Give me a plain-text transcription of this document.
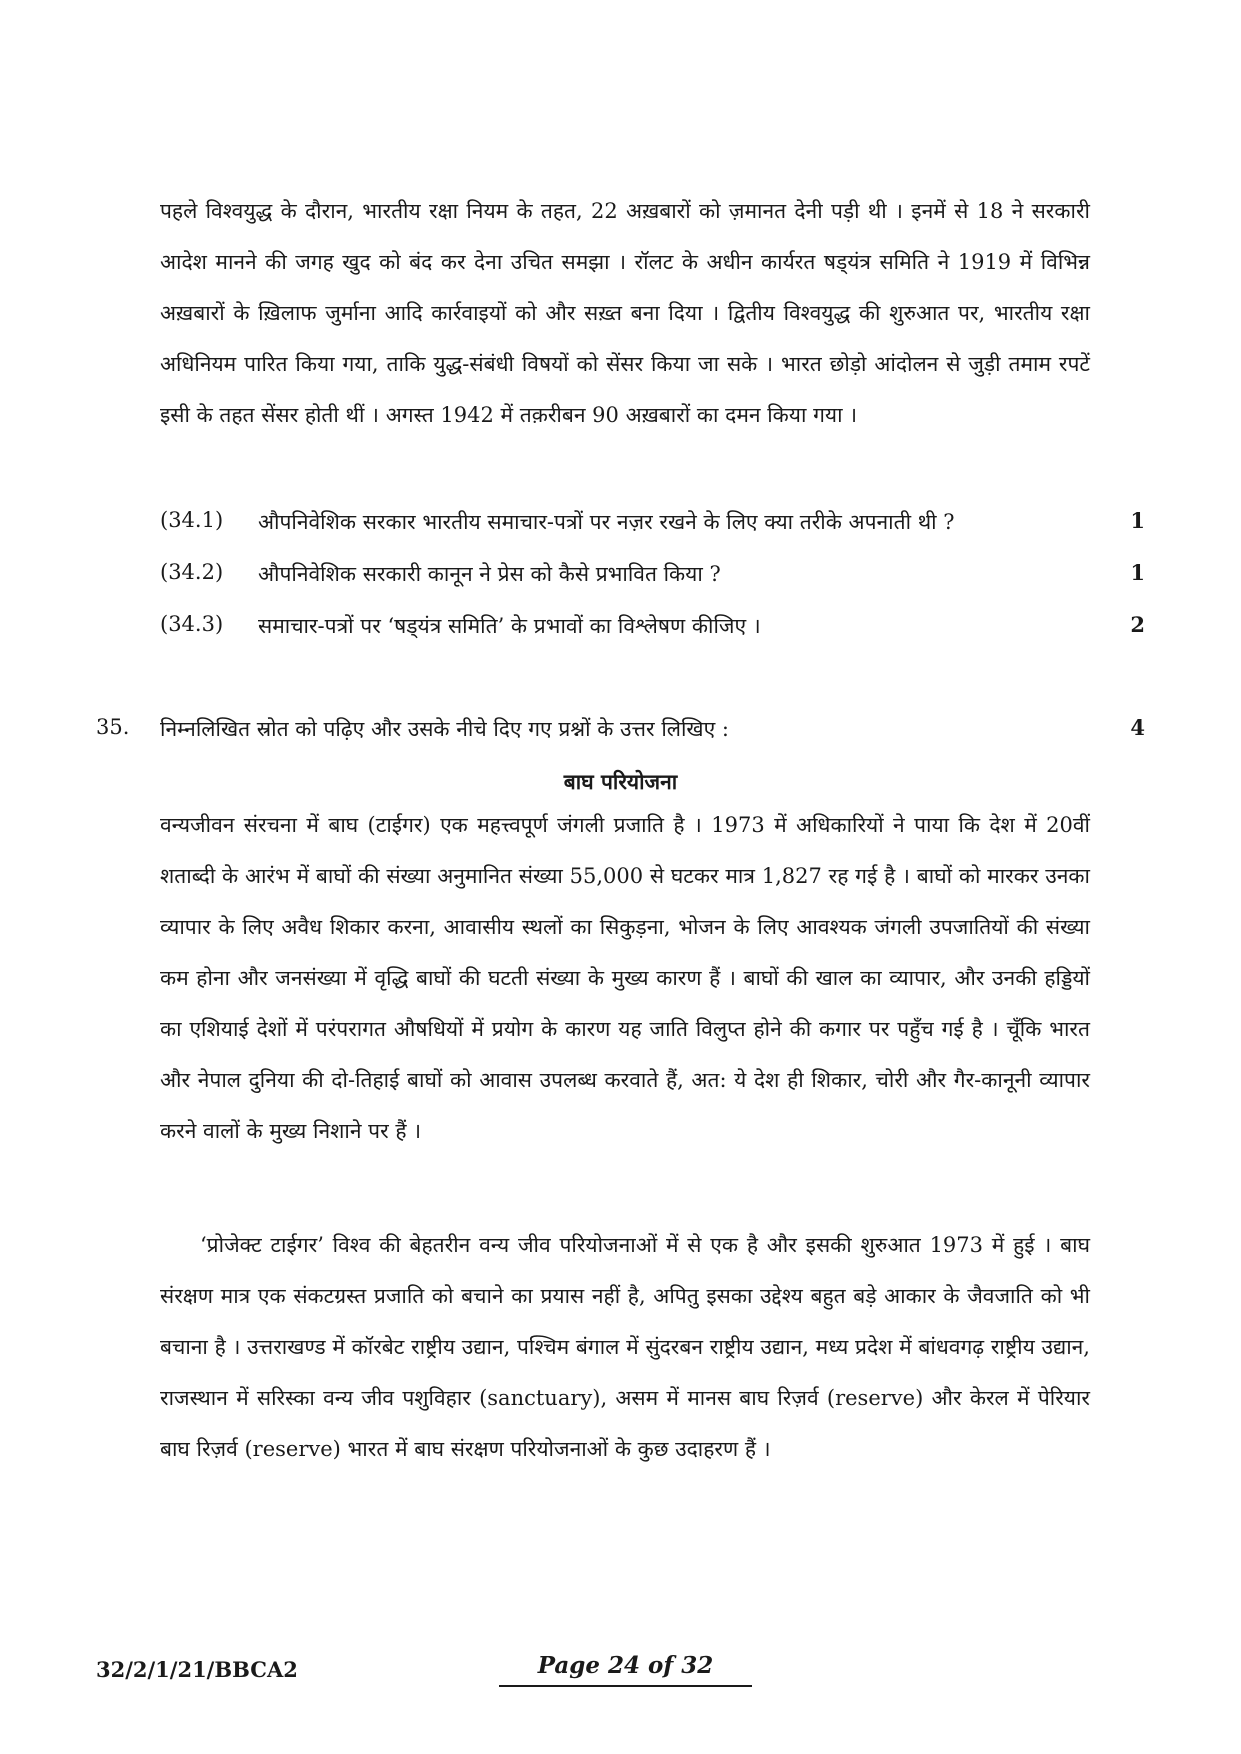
पहले विश्वयुद्ध के दौरान, भारतीय रक्षा नियम के तहत, 22 अख़बारों को ज़मानत देनी पड़ी थी । इनमें से 18 ने सरकारी आदेश मानने की जगह खुद को बंद कर देना उचित समझा । रॉलट के अधीन कार्यरत षड्‌यंत्र समिति ने 1919 में विभिन्न अख़बारों के ख़िलाफ जुर्माना आदि कार्रवाइयों को और सख़्त बना दिया । द्वितीय विश्वयुद्ध की शुरुआत पर, भारतीय रक्षा अधिनियम पारित किया गया, ताकि युद्ध-संबंधी विषयों को सेंसर किया जा सके । भारत छोड़ो आंदोलन से जुड़ी तमाम रपटें इसी के तहत सेंसर होती थीं । अगस्त 1942 में तक़रीबन 90 अख़बारों का दमन किया गया ।

(34.1) औपनिवेशिक सरकार भारतीय समाचार-पत्रों पर नज़र रखने के लिए क्या तरीके अपनाती थी ?	1
(34.2) औपनिवेशिक सरकारी कानून ने प्रेस को कैसे प्रभावित किया ?	1
(34.3) समाचार-पत्रों पर ‘षड्‌यंत्र समिति’ के प्रभावों का विश्लेषण कीजिए ।	2
35. निम्नलिखित स्रोत को पढ़िए और उसके नीचे दिए गए प्रश्नों के उत्तर लिखिए :	4
बाघ परियोजना

वन्यजीवन संरचना में बाघ (टाईगर) एक महत्त्वपूर्ण जंगली प्रजाति है । 1973 में अधिकारियों ने पाया कि देश में 20वीं शताब्दी के आरंभ में बाघों की संख्या अनुमानित संख्या 55,000 से घटकर मात्र 1,827 रह गई है । बाघों को मारकर उनका व्यापार के लिए अवैध शिकार करना, आवासीय स्थलों का सिकुड़ना, भोजन के लिए आवश्यक जंगली उपजातियों की संख्या कम होना और जनसंख्या में वृद्धि बाघों की घटती संख्या के मुख्य कारण हैं । बाघों की खाल का व्यापार, और उनकी हड्डियों का एशियाई देशों में परंपरागत औषधियों में प्रयोग के कारण यह जाति विलुप्त होने की कगार पर पहुँच गई है । चूँकि भारत और नेपाल दुनिया की दो-तिहाई बाघों को आवास उपलब्ध करवाते हैं, अत: ये देश ही शिकार, चोरी और गैर-कानूनी व्यापार करने वालों के मुख्य निशाने पर हैं ।

‘प्रोजेक्ट टाईगर’ विश्व की बेहतरीन वन्य जीव परियोजनाओं में से एक है और इसकी शुरुआत 1973 में हुई । बाघ संरक्षण मात्र एक संकटग्रस्त प्रजाति को बचाने का प्रयास नहीं है, अपितु इसका उद्देश्य बहुत बड़े आकार के जैवजाति को भी बचाना है । उत्तराखण्ड में कॉरबेट राष्ट्रीय उद्यान, पश्चिम बंगाल में सुंदरबन राष्ट्रीय उद्यान, मध्य प्रदेश में बांधवगढ़ राष्ट्रीय उद्यान, राजस्थान में सरिस्का वन्य जीव पशुविहार (sanctuary), असम में मानस बाघ रिज़र्व (reserve) और केरल में पेरियार बाघ रिज़र्व (reserve) भारत में बाघ संरक्षण परियोजनाओं के कुछ उदाहरण हैं ।

32/2/1/21/BBCA2	Page 24 of 32
